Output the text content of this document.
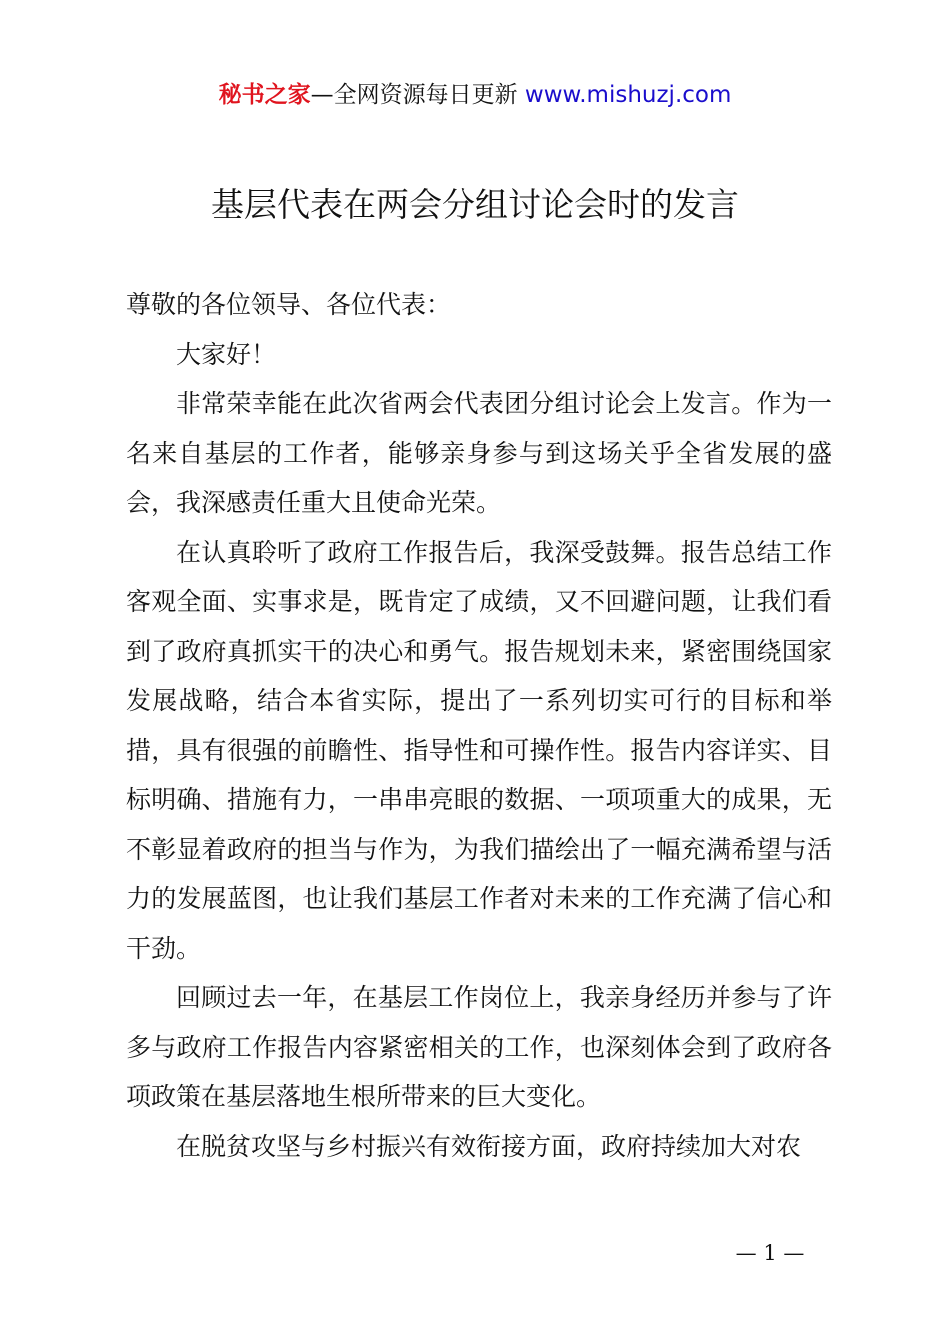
秘书之家—全网资源每日更新 www.mishuzj.com
基层代表在两会分组讨论会时的发言

尊敬的各位领导、各位代表：

大家好！

非常荣幸能在此次省两会代表团分组讨论会上发言。作为一名来自基层的工作者，能够亲身参与到这场关乎全省发展的盛会，我深感责任重大且使命光荣。

在认真聆听了政府工作报告后，我深受鼓舞。报告总结工作客观全面、实事求是，既肯定了成绩，又不回避问题，让我们看到了政府真抓实干的决心和勇气。报告规划未来，紧密围绕国家发展战略，结合本省实际，提出了一系列切实可行的目标和举措，具有很强的前瞻性、指导性和可操作性。报告内容详实、目标明确、措施有力，一串串亮眼的数据、一项项重大的成果，无不彰显着政府的担当与作为，为我们描绘出了一幅充满希望与活力的发展蓝图，也让我们基层工作者对未来的工作充满了信心和干劲。

回顾过去一年，在基层工作岗位上，我亲身经历并参与了许多与政府工作报告内容紧密相关的工作，也深刻体会到了政府各项政策在基层落地生根所带来的巨大变化。

在脱贫攻坚与乡村振兴有效衔接方面，政府持续加大对农

— 1 —
